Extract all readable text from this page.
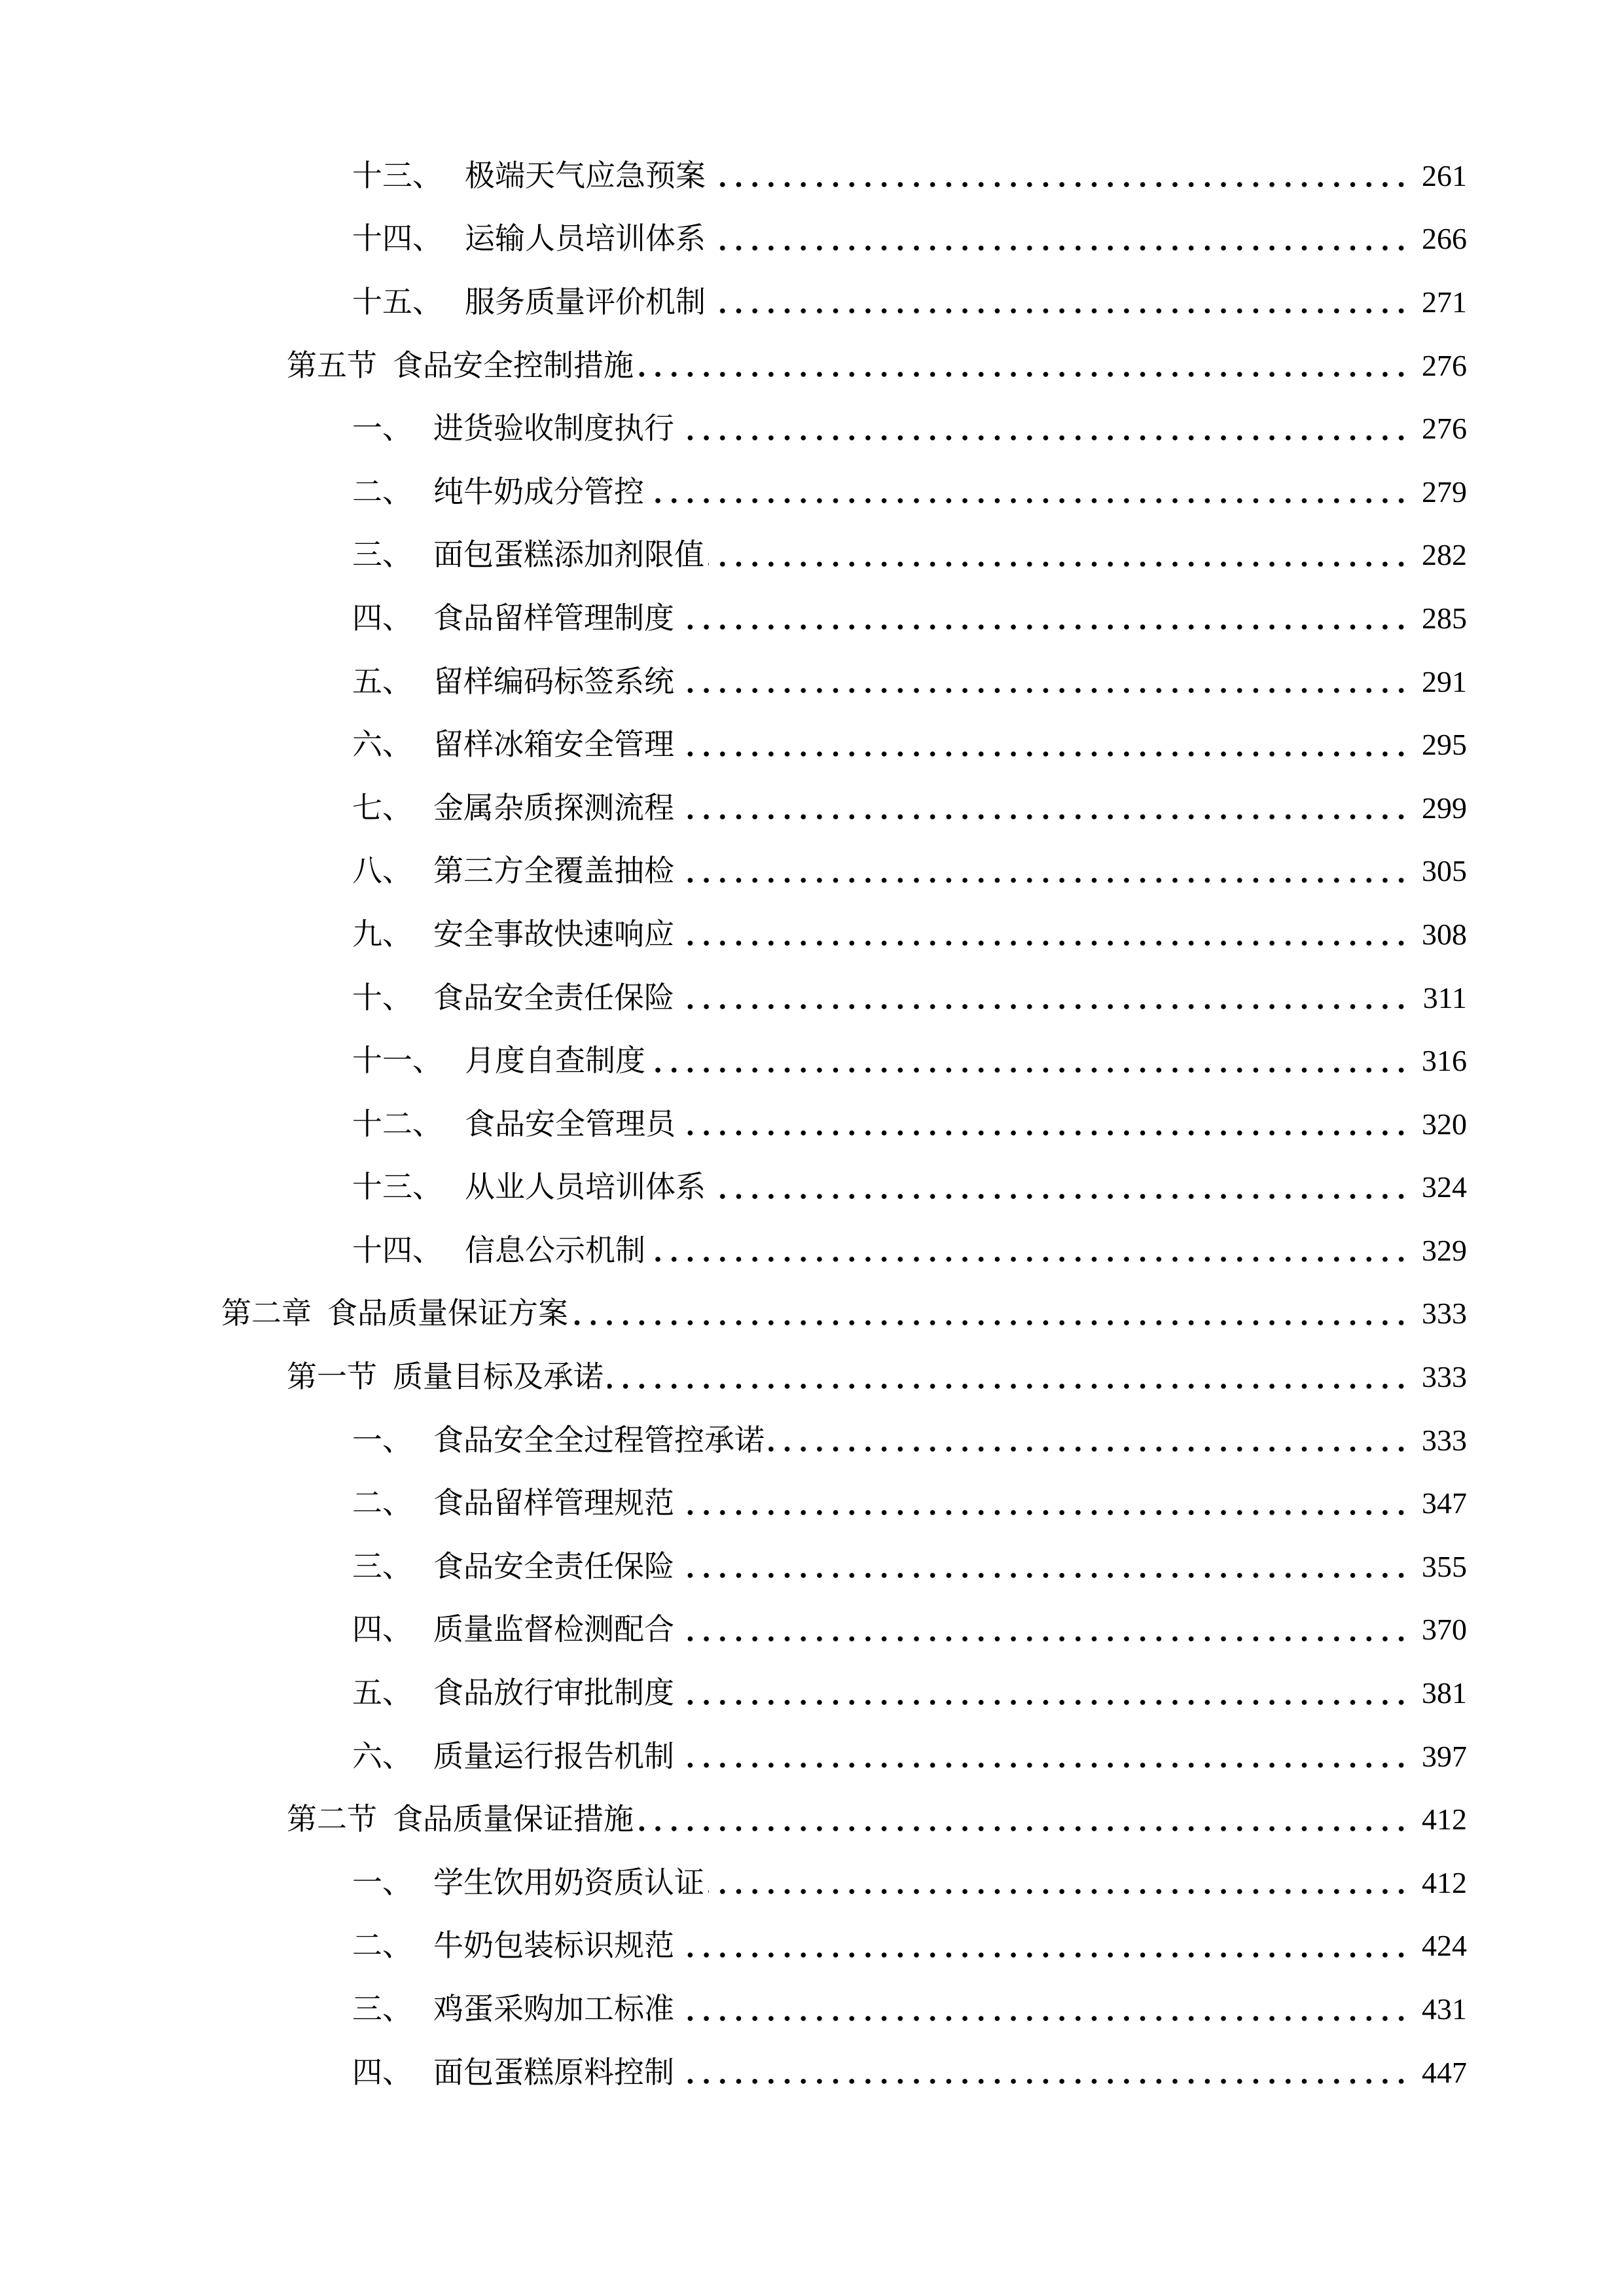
十三、 极端天气应急预案	261
十四、 运输人员培训体系	266
十五、 服务质量评价机制	271
第五节 食品安全控制措施	276
一、 进货验收制度执行	276
二、 纯牛奶成分管控	279
三、 面包蛋糕添加剂限值	282
四、 食品留样管理制度	285
五、 留样编码标签系统	291
六、 留样冰箱安全管理	295
七、 金属杂质探测流程	299
八、 第三方全覆盖抽检	305
九、 安全事故快速响应	308
十、 食品安全责任保险	311
十一、 月度自查制度	316
十二、 食品安全管理员	320
十三、 从业人员培训体系	324
十四、 信息公示机制	329
第二章 食品质量保证方案	333
第一节 质量目标及承诺	333
一、 食品安全全过程管控承诺	333
二、 食品留样管理规范	347
三、 食品安全责任保险	355
四、 质量监督检测配合	370
五、 食品放行审批制度	381
六、 质量运行报告机制	397
第二节 食品质量保证措施	412
一、 学生饮用奶资质认证	412
二、 牛奶包装标识规范	424
三、 鸡蛋采购加工标准	431
四、 面包蛋糕原料控制	447
